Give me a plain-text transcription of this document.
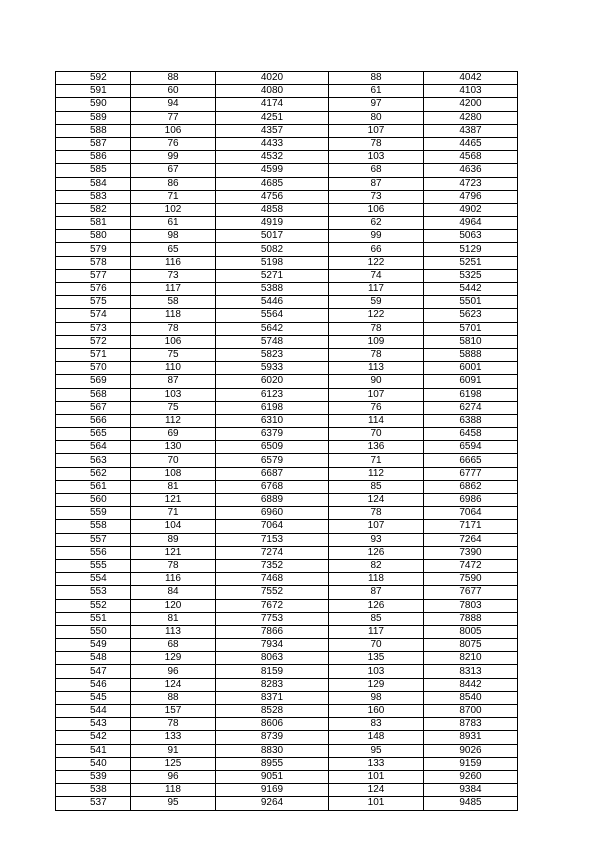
592	88	4020	88	4042
591	60	4080	61	4103
590	94	4174	97	4200
589	77	4251	80	4280
588	106	4357	107	4387
587	76	4433	78	4465
586	99	4532	103	4568
585	67	4599	68	4636
584	86	4685	87	4723
583	71	4756	73	4796
582	102	4858	106	4902
581	61	4919	62	4964
580	98	5017	99	5063
579	65	5082	66	5129
578	116	5198	122	5251
577	73	5271	74	5325
576	117	5388	117	5442
575	58	5446	59	5501
574	118	5564	122	5623
573	78	5642	78	5701
572	106	5748	109	5810
571	75	5823	78	5888
570	110	5933	113	6001
569	87	6020	90	6091
568	103	6123	107	6198
567	75	6198	76	6274
566	112	6310	114	6388
565	69	6379	70	6458
564	130	6509	136	6594
563	70	6579	71	6665
562	108	6687	112	6777
561	81	6768	85	6862
560	121	6889	124	6986
559	71	6960	78	7064
558	104	7064	107	7171
557	89	7153	93	7264
556	121	7274	126	7390
555	78	7352	82	7472
554	116	7468	118	7590
553	84	7552	87	7677
552	120	7672	126	7803
551	81	7753	85	7888
550	113	7866	117	8005
549	68	7934	70	8075
548	129	8063	135	8210
547	96	8159	103	8313
546	124	8283	129	8442
545	88	8371	98	8540
544	157	8528	160	8700
543	78	8606	83	8783
542	133	8739	148	8931
541	91	8830	95	9026
540	125	8955	133	9159
539	96	9051	101	9260
538	118	9169	124	9384
537	95	9264	101	9485
